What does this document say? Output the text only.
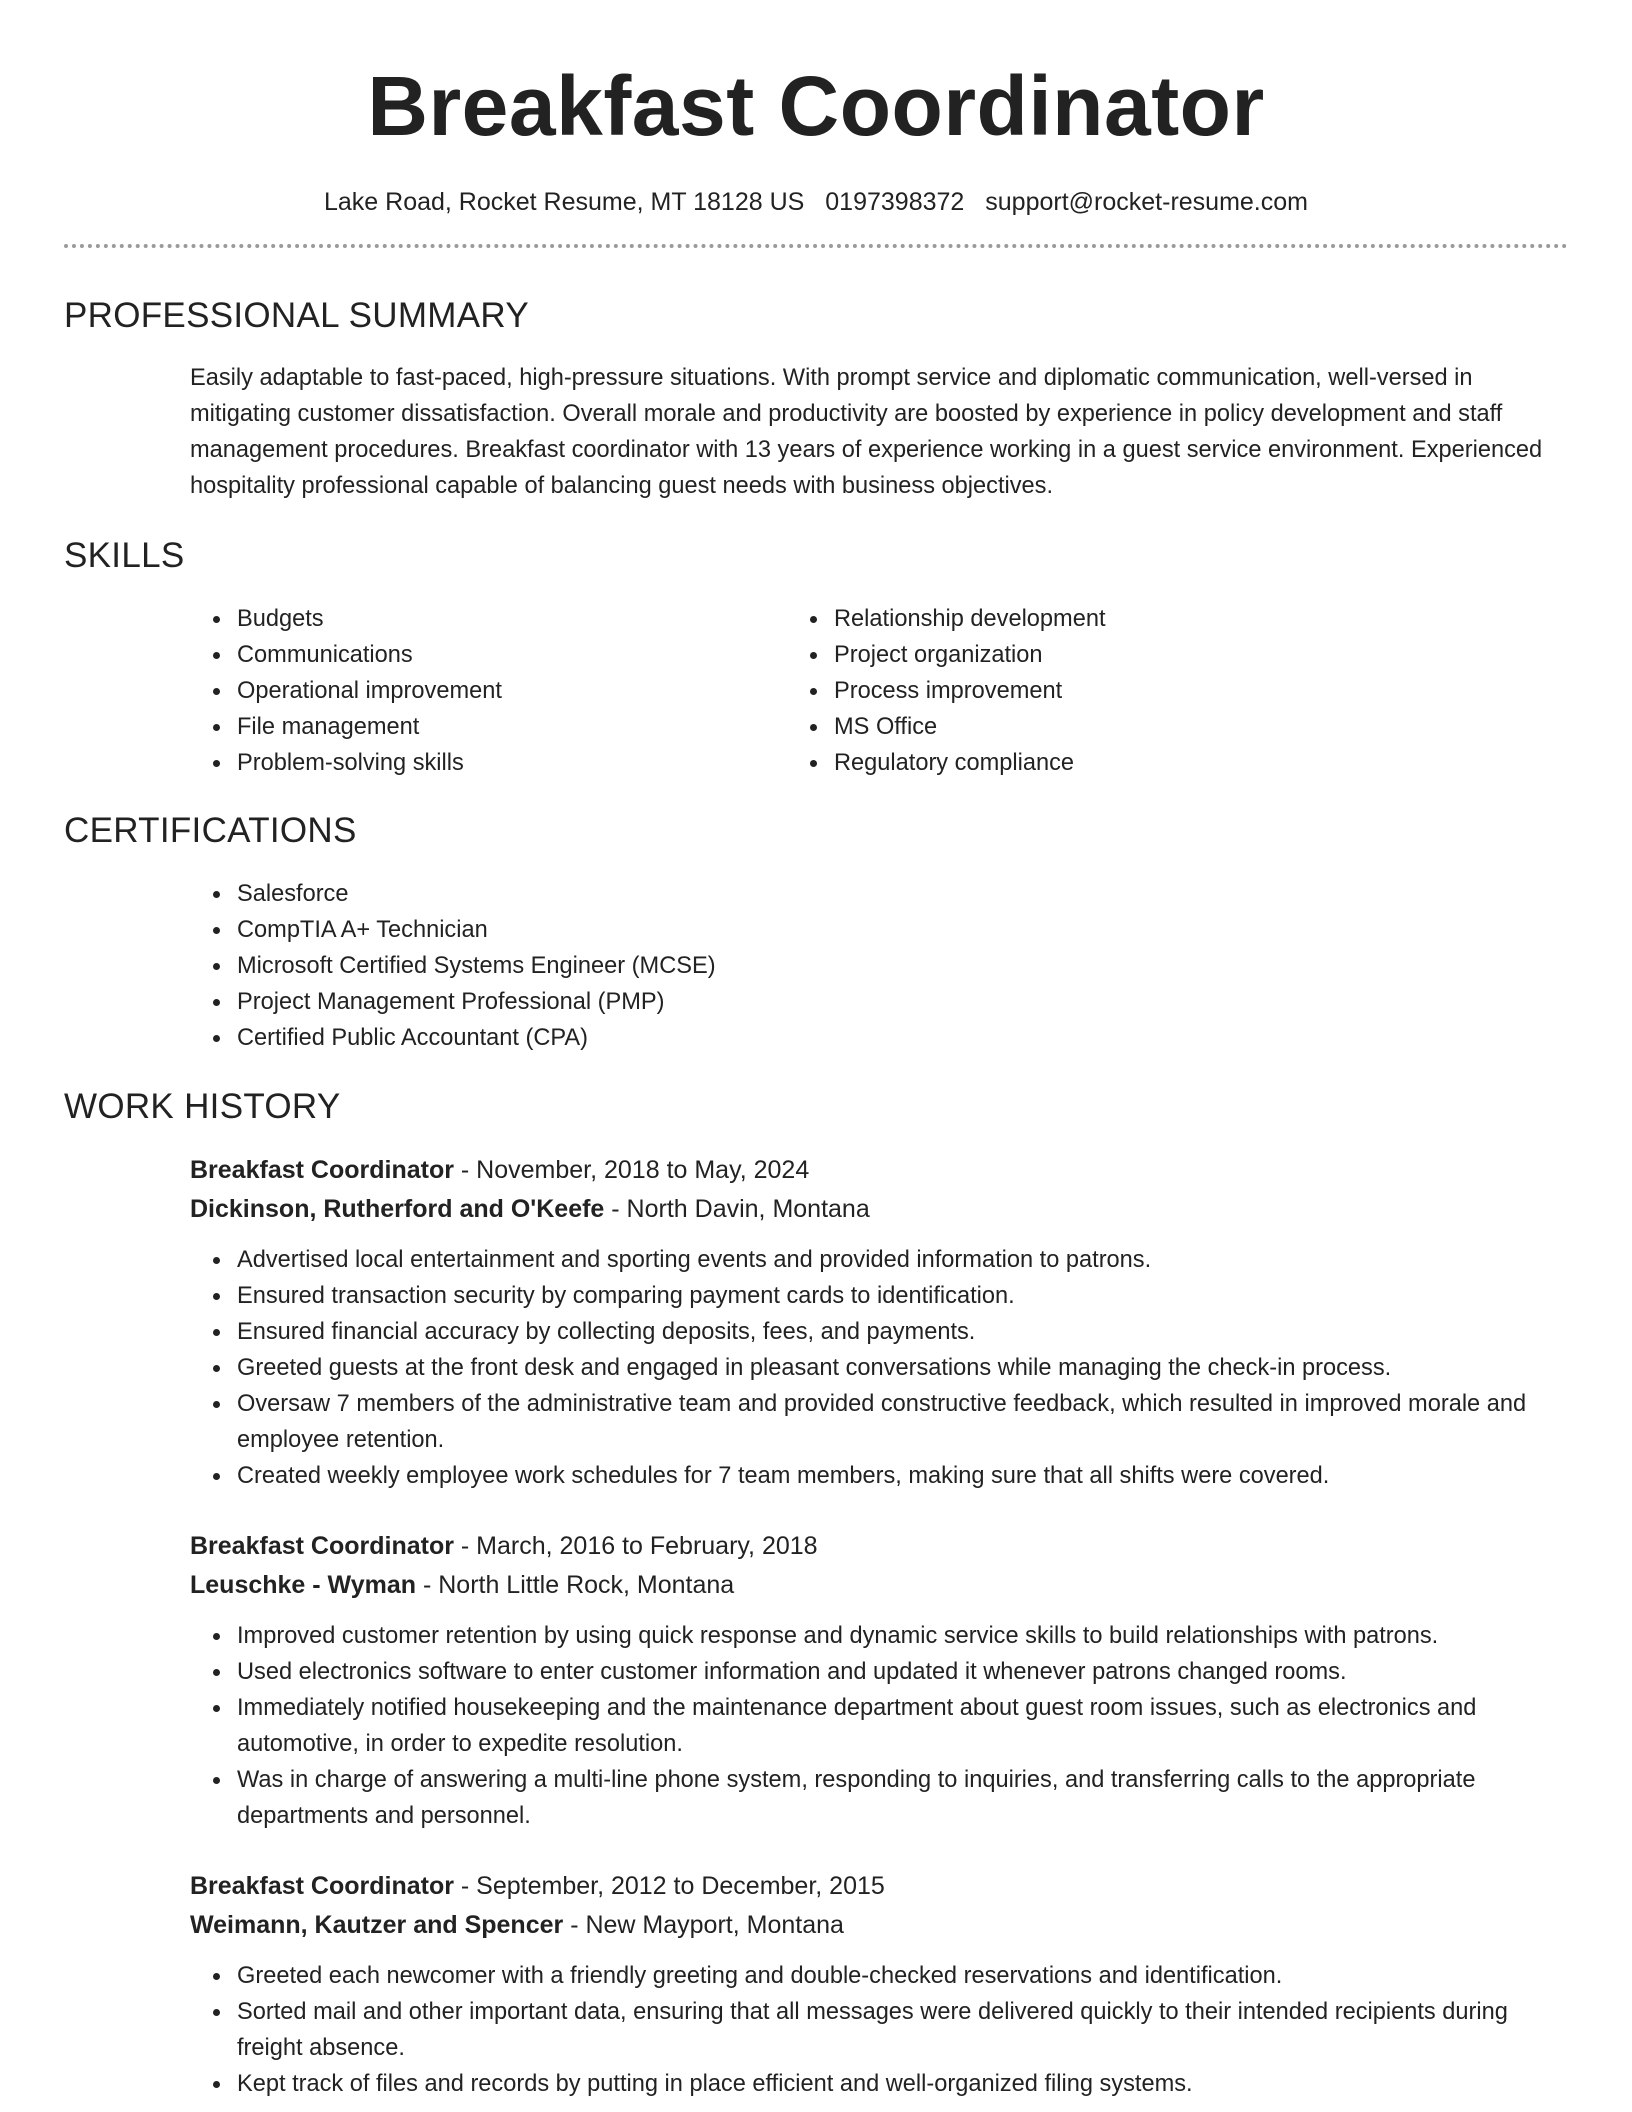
Breakfast Coordinator
Lake Road, Rocket Resume, MT 18128 US 0197398372 support@rocket-resume.com
PROFESSIONAL SUMMARY
Easily adaptable to fast-paced, high-pressure situations. With prompt service and diplomatic communication, well-versed in mitigating customer dissatisfaction. Overall morale and productivity are boosted by experience in policy development and staff management procedures. Breakfast coordinator with 13 years of experience working in a guest service environment. Experienced hospitality professional capable of balancing guest needs with business objectives.
SKILLS
• Budgets
• Communications
• Operational improvement
• File management
• Problem-solving skills
• Relationship development
• Project organization
• Process improvement
• MS Office
• Regulatory compliance
CERTIFICATIONS
• Salesforce
• CompTIA A+ Technician
• Microsoft Certified Systems Engineer (MCSE)
• Project Management Professional (PMP)
• Certified Public Accountant (CPA)
WORK HISTORY
Breakfast Coordinator - November, 2018 to May, 2024
Dickinson, Rutherford and O'Keefe - North Davin, Montana
• Advertised local entertainment and sporting events and provided information to patrons.
• Ensured transaction security by comparing payment cards to identification.
• Ensured financial accuracy by collecting deposits, fees, and payments.
• Greeted guests at the front desk and engaged in pleasant conversations while managing the check-in process.
• Oversaw 7 members of the administrative team and provided constructive feedback, which resulted in improved morale and employee retention.
• Created weekly employee work schedules for 7 team members, making sure that all shifts were covered.
Breakfast Coordinator - March, 2016 to February, 2018
Leuschke - Wyman - North Little Rock, Montana
• Improved customer retention by using quick response and dynamic service skills to build relationships with patrons.
• Used electronics software to enter customer information and updated it whenever patrons changed rooms.
• Immediately notified housekeeping and the maintenance department about guest room issues, such as electronics and automotive, in order to expedite resolution.
• Was in charge of answering a multi-line phone system, responding to inquiries, and transferring calls to the appropriate departments and personnel.
Breakfast Coordinator - September, 2012 to December, 2015
Weimann, Kautzer and Spencer - New Mayport, Montana
• Greeted each newcomer with a friendly greeting and double-checked reservations and identification.
• Sorted mail and other important data, ensuring that all messages were delivered quickly to their intended recipients during freight absence.
• Kept track of files and records by putting in place efficient and well-organized filing systems.
